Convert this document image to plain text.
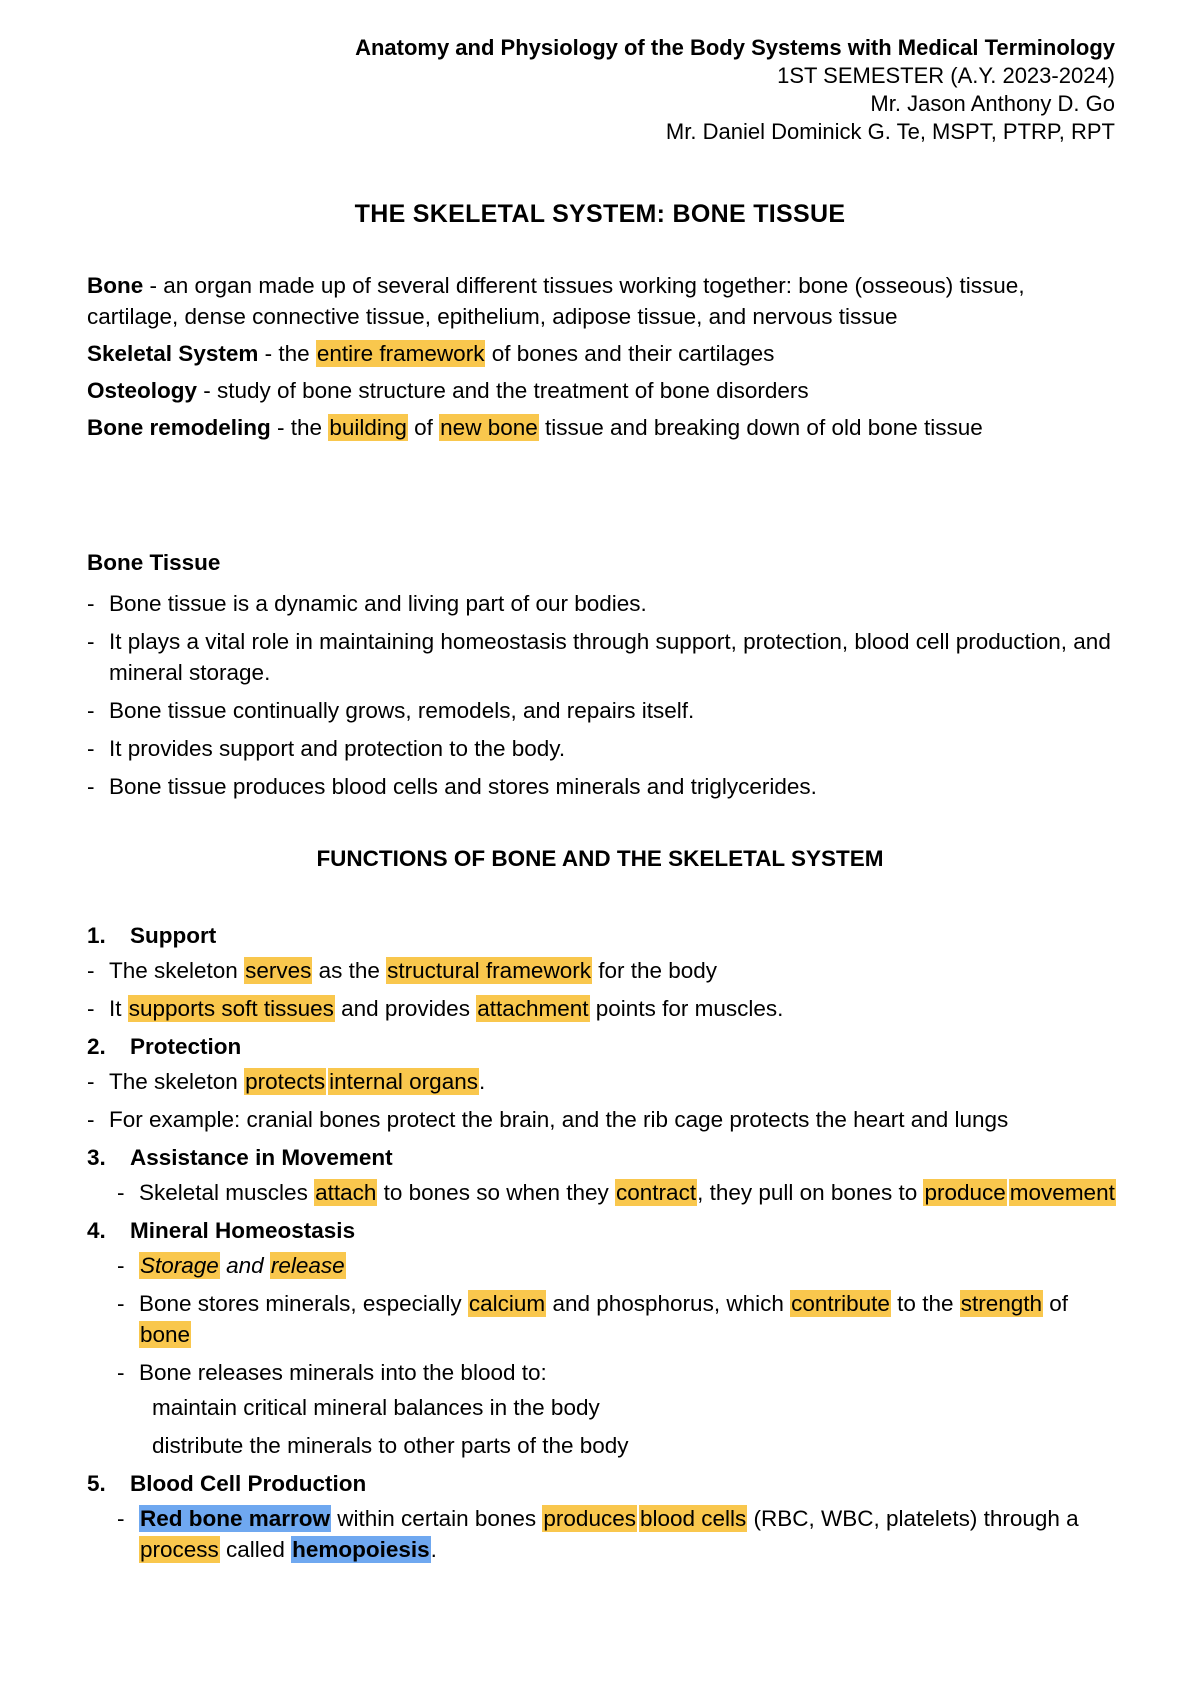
Anatomy and Physiology of the Body Systems with Medical Terminology
1ST SEMESTER (A.Y. 2023-2024)
Mr. Jason Anthony D. Go
Mr. Daniel Dominick G. Te, MSPT, PTRP, RPT
THE SKELETAL SYSTEM: BONE TISSUE

Bone - an organ made up of several different tissues working together: bone (osseous) tissue, cartilage, dense connective tissue, epithelium, adipose tissue, and nervous tissue

Skeletal System - the entire framework of bones and their cartilages

Osteology - study of bone structure and the treatment of bone disorders

Bone remodeling - the building of new bone tissue and breaking down of old bone tissue

Bone Tissue
- Bone tissue is a dynamic and living part of our bodies.
- It plays a vital role in maintaining homeostasis through support, protection, blood cell production, and mineral storage.
- Bone tissue continually grows, remodels, and repairs itself.
- It provides support and protection to the body.
- Bone tissue produces blood cells and stores minerals and triglycerides.
FUNCTIONS OF BONE AND THE SKELETAL SYSTEM
1. Support
- The skeleton serves as the structural framework for the body
- It supports soft tissues and provides attachment points for muscles.
2. Protection
- The skeleton protects internal organs.
- For example: cranial bones protect the brain, and the rib cage protects the heart and lungs
3. Assistance in Movement
- Skeletal muscles attach to bones so when they contract, they pull on bones to produce movement
4. Mineral Homeostasis
- Storage and release
- Bone stores minerals, especially calcium and phosphorus, which contribute to the strength of bone
- Bone releases minerals into the blood to:
maintain critical mineral balances in the body
distribute the minerals to other parts of the body
5. Blood Cell Production
- Red bone marrow within certain bones produces blood cells (RBC, WBC, platelets) through a process called hemopoiesis.
